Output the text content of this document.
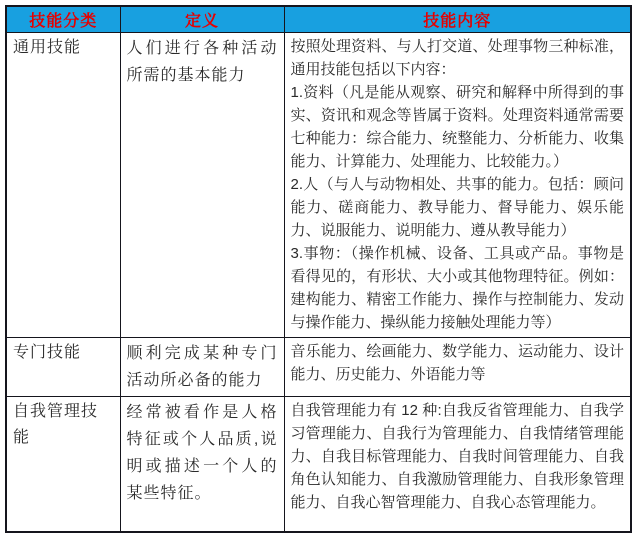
技能分类	定义	技能内容
通用技能	人们进行各种活动所需的基本能力	按照处理资料、与人打交道、处理事物三种标准，通用技能包括以下内容：

1.资料（凡是能从观察、研究和解释中所得到的事实、资讯和观念等皆属于资料。处理资料通常需要七种能力：综合能力、统整能力、分析能力、收集能力、计算能力、处理能力、比较能力。）

2.人（与人与动物相处、共事的能力。包括：顾问能力、磋商能力、教导能力、督导能力、娱乐能力、说服能力、说明能力、遵从教导能力）

3.事物：（操作机械、设备、工具或产品。事物是看得见的，有形状、大小或其他物理特征。例如：建构能力、精密工作能力、操作与控制能力、发动与操作能力、操纵能力接触处理能力等）

专门技能	顺利完成某种专门活动所必备的能力	音乐能力、绘画能力、数学能力、运动能力、设计能力、历史能力、外语能力等

自我管理技能	经常被看作是人格特征或个人品质,说明或描述一个人的某些特征。	自我管理能力有 12 种:自我反省管理能力、自我学习管理能力、自我行为管理能力、自我情绪管理能力、自我目标管理能力、自我时间管理能力、自我角色认知能力、自我激励管理能力、自我形象管理能力、自我心智管理能力、自我心态管理能力。
